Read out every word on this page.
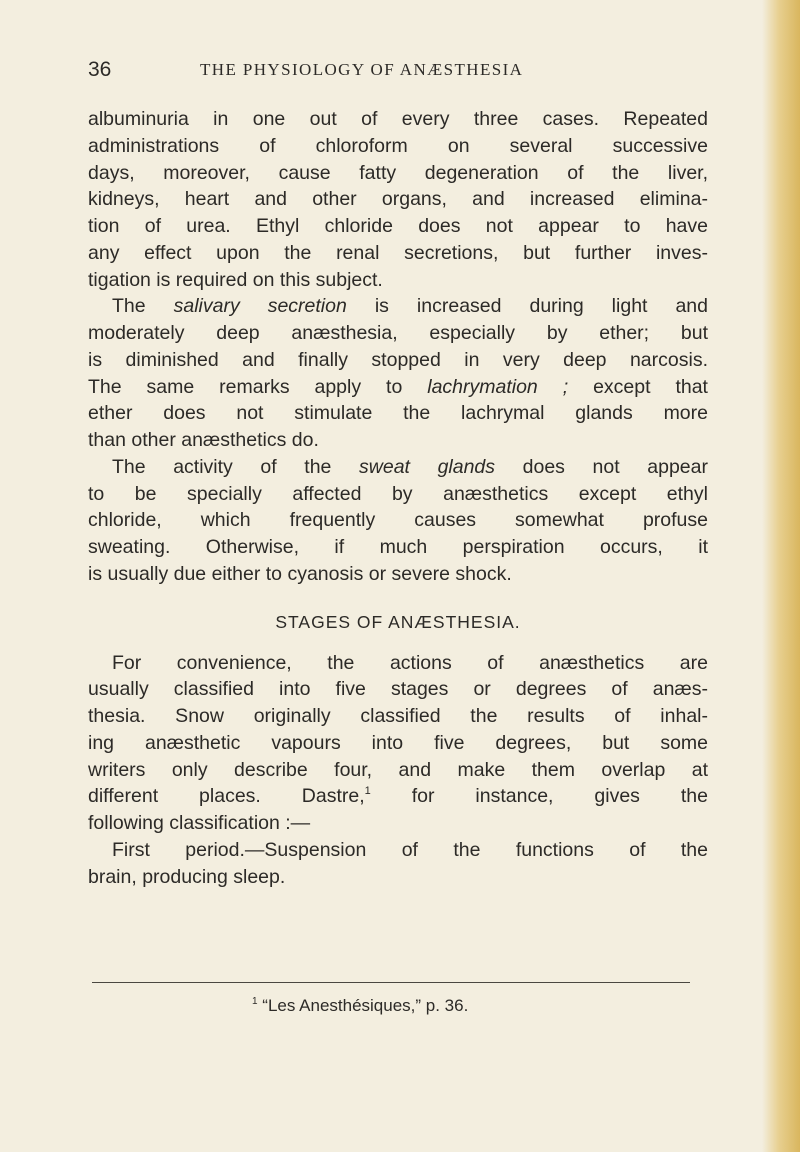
36	THE PHYSIOLOGY OF ANÆSTHESIA
albuminuria in one out of every three cases. Repeated
administrations of chloroform on several successive
days, moreover, cause fatty degeneration of the liver,
kidneys, heart and other organs, and increased elimina-
tion of urea. Ethyl chloride does not appear to have
any effect upon the renal secretions, but further inves-
tigation is required on this subject.
The salivary secretion is increased during light and
moderately deep anæsthesia, especially by ether; but
is diminished and finally stopped in very deep narcosis.
The same remarks apply to lachrymation ; except that
ether does not stimulate the lachrymal glands more
than other anæsthetics do.
The activity of the sweat glands does not appear
to be specially affected by anæsthetics except ethyl
chloride, which frequently causes somewhat profuse
sweating. Otherwise, if much perspiration occurs, it
is usually due either to cyanosis or severe shock.
STAGES OF ANÆSTHESIA.
For convenience, the actions of anæsthetics are
usually classified into five stages or degrees of anæs-
thesia. Snow originally classified the results of inhal-
ing anæsthetic vapours into five degrees, but some
writers only describe four, and make them overlap at
different places. Dastre,$^1$ for instance, gives the
following classification :—
First period.—Suspension of the functions of the
brain, producing sleep.
$^1$ “Les Anesthésiques,” p. 36.
